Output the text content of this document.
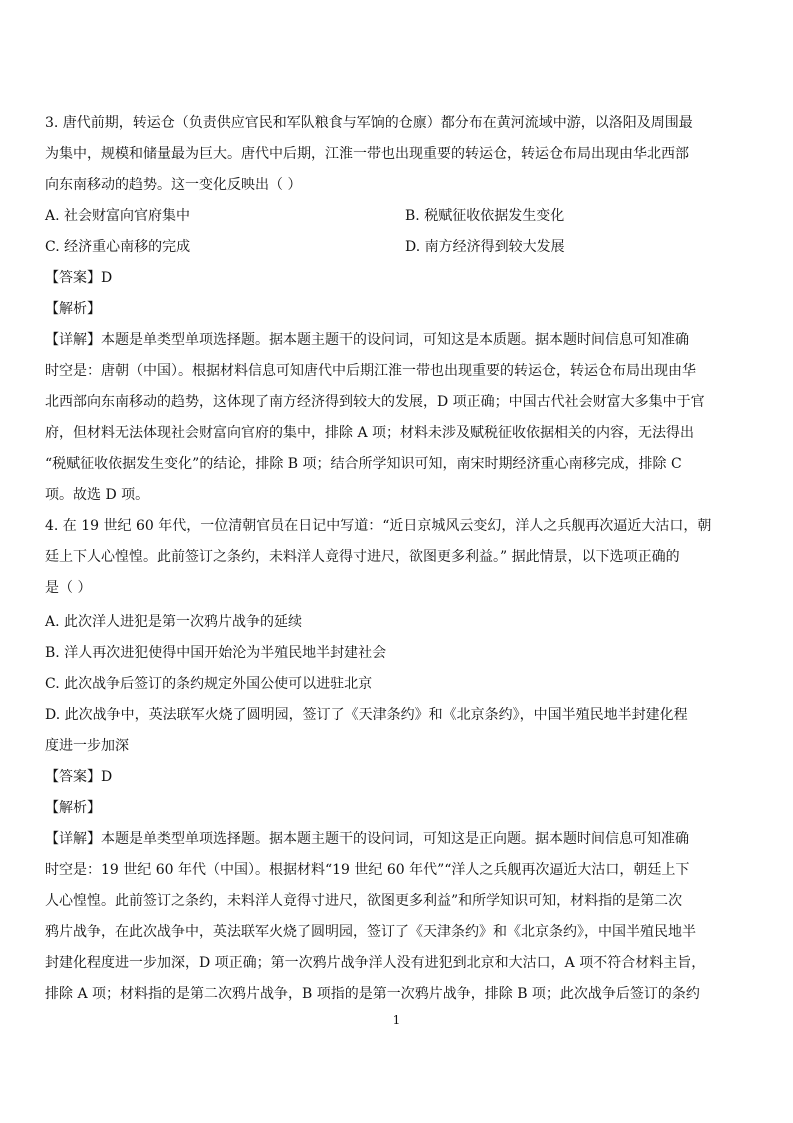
3. 唐代前期，转运仓（负责供应官民和军队粮食与军饷的仓廪）都分布在黄河流域中游，以洛阳及周围最
为集中，规模和储量最为巨大。唐代中后期，江淮一带也出现重要的转运仓，转运仓布局出现由华北西部
向东南移动的趋势。这一变化反映出（ ）
A. 社会财富向官府集中	B. 税赋征收依据发生变化
C. 经济重心南移的完成	D. 南方经济得到较大发展
【答案】D
【解析】
【详解】本题是单类型单项选择题。据本题主题干的设问词，可知这是本质题。据本题时间信息可知准确
时空是：唐朝（中国）。根据材料信息可知唐代中后期江淮一带也出现重要的转运仓，转运仓布局出现由华
北西部向东南移动的趋势，这体现了南方经济得到较大的发展，D 项正确；中国古代社会财富大多集中于官
府，但材料无法体现社会财富向官府的集中，排除 A 项；材料未涉及赋税征收依据相关的内容，无法得出
“税赋征收依据发生变化”的结论，排除 B 项；结合所学知识可知，南宋时期经济重心南移完成，排除 C
项。故选 D 项。
4. 在 19 世纪 60 年代，一位清朝官员在日记中写道：“近日京城风云变幻，洋人之兵舰再次逼近大沽口，朝
廷上下人心惶惶。此前签订之条约，未料洋人竟得寸进尺，欲图更多利益。” 据此情景，以下选项正确的
是（ ）
A. 此次洋人进犯是第一次鸦片战争的延续
B. 洋人再次进犯使得中国开始沦为半殖民地半封建社会
C. 此次战争后签订的条约规定外国公使可以进驻北京
D. 此次战争中，英法联军火烧了圆明园，签订了《天津条约》和《北京条约》，中国半殖民地半封建化程
度进一步加深
【答案】D
【解析】
【详解】本题是单类型单项选择题。据本题主题干的设问词，可知这是正向题。据本题时间信息可知准确
时空是：19 世纪 60 年代（中国）。根据材料“19 世纪 60 年代”“洋人之兵舰再次逼近大沽口，朝廷上下
人心惶惶。此前签订之条约，未料洋人竟得寸进尺，欲图更多利益”和所学知识可知，材料指的是第二次
鸦片战争，在此次战争中，英法联军火烧了圆明园，签订了《天津条约》和《北京条约》，中国半殖民地半
封建化程度进一步加深，D 项正确；第一次鸦片战争洋人没有进犯到北京和大沽口，A 项不符合材料主旨，
排除 A 项；材料指的是第二次鸦片战争，B 项指的是第一次鸦片战争，排除 B 项；此次战争后签订的条约
1
